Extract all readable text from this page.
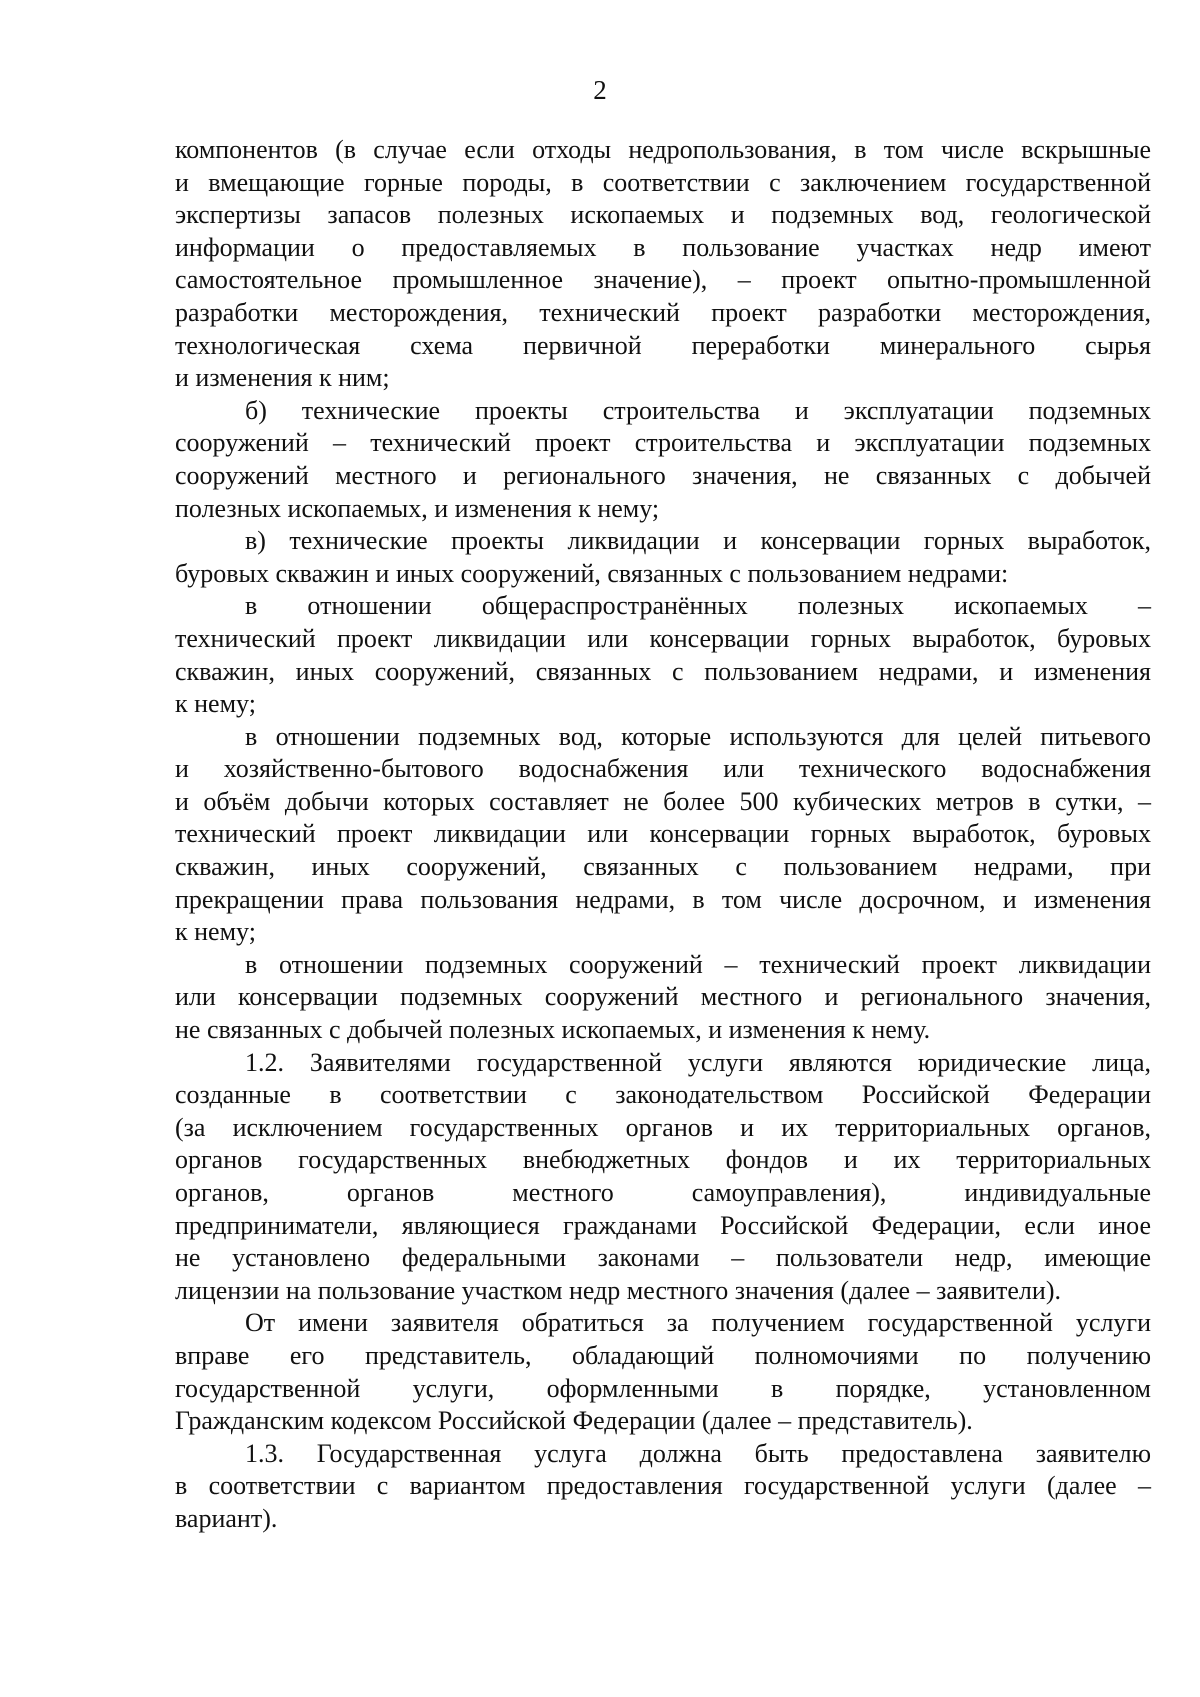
2
компонентов (в случае если отходы недропользования, в том числе вскрышные
и вмещающие горные породы, в соответствии с заключением государственной
экспертизы запасов полезных ископаемых и подземных вод, геологической
информации о предоставляемых в пользование участках недр имеют
самостоятельное промышленное значение), – проект опытно-промышленной
разработки месторождения, технический проект разработки месторождения,
технологическая схема первичной переработки минерального сырья
и изменения к ним;
б) технические проекты строительства и эксплуатации подземных
сооружений – технический проект строительства и эксплуатации подземных
сооружений местного и регионального значения, не связанных с добычей
полезных ископаемых, и изменения к нему;
в) технические проекты ликвидации и консервации горных выработок,
буровых скважин и иных сооружений, связанных с пользованием недрами:
в отношении общераспространённых полезных ископаемых –
технический проект ликвидации или консервации горных выработок, буровых
скважин, иных сооружений, связанных с пользованием недрами, и изменения
к нему;
в отношении подземных вод, которые используются для целей питьевого
и хозяйственно-бытового водоснабжения или технического водоснабжения
и объём добычи которых составляет не более 500 кубических метров в сутки, –
технический проект ликвидации или консервации горных выработок, буровых
скважин, иных сооружений, связанных с пользованием недрами, при
прекращении права пользования недрами, в том числе досрочном, и изменения
к нему;
в отношении подземных сооружений – технический проект ликвидации
или консервации подземных сооружений местного и регионального значения,
не связанных с добычей полезных ископаемых, и изменения к нему.
1.2. Заявителями государственной услуги являются юридические лица,
созданные в соответствии с законодательством Российской Федерации
(за исключением государственных органов и их территориальных органов,
органов государственных внебюджетных фондов и их территориальных
органов, органов местного самоуправления), индивидуальные
предприниматели, являющиеся гражданами Российской Федерации, если иное
не установлено федеральными законами – пользователи недр, имеющие
лицензии на пользование участком недр местного значения (далее – заявители).
От имени заявителя обратиться за получением государственной услуги
вправе его представитель, обладающий полномочиями по получению
государственной услуги, оформленными в порядке, установленном
Гражданским кодексом Российской Федерации (далее – представитель).
1.3. Государственная услуга должна быть предоставлена заявителю
в соответствии с вариантом предоставления государственной услуги (далее –
вариант).
